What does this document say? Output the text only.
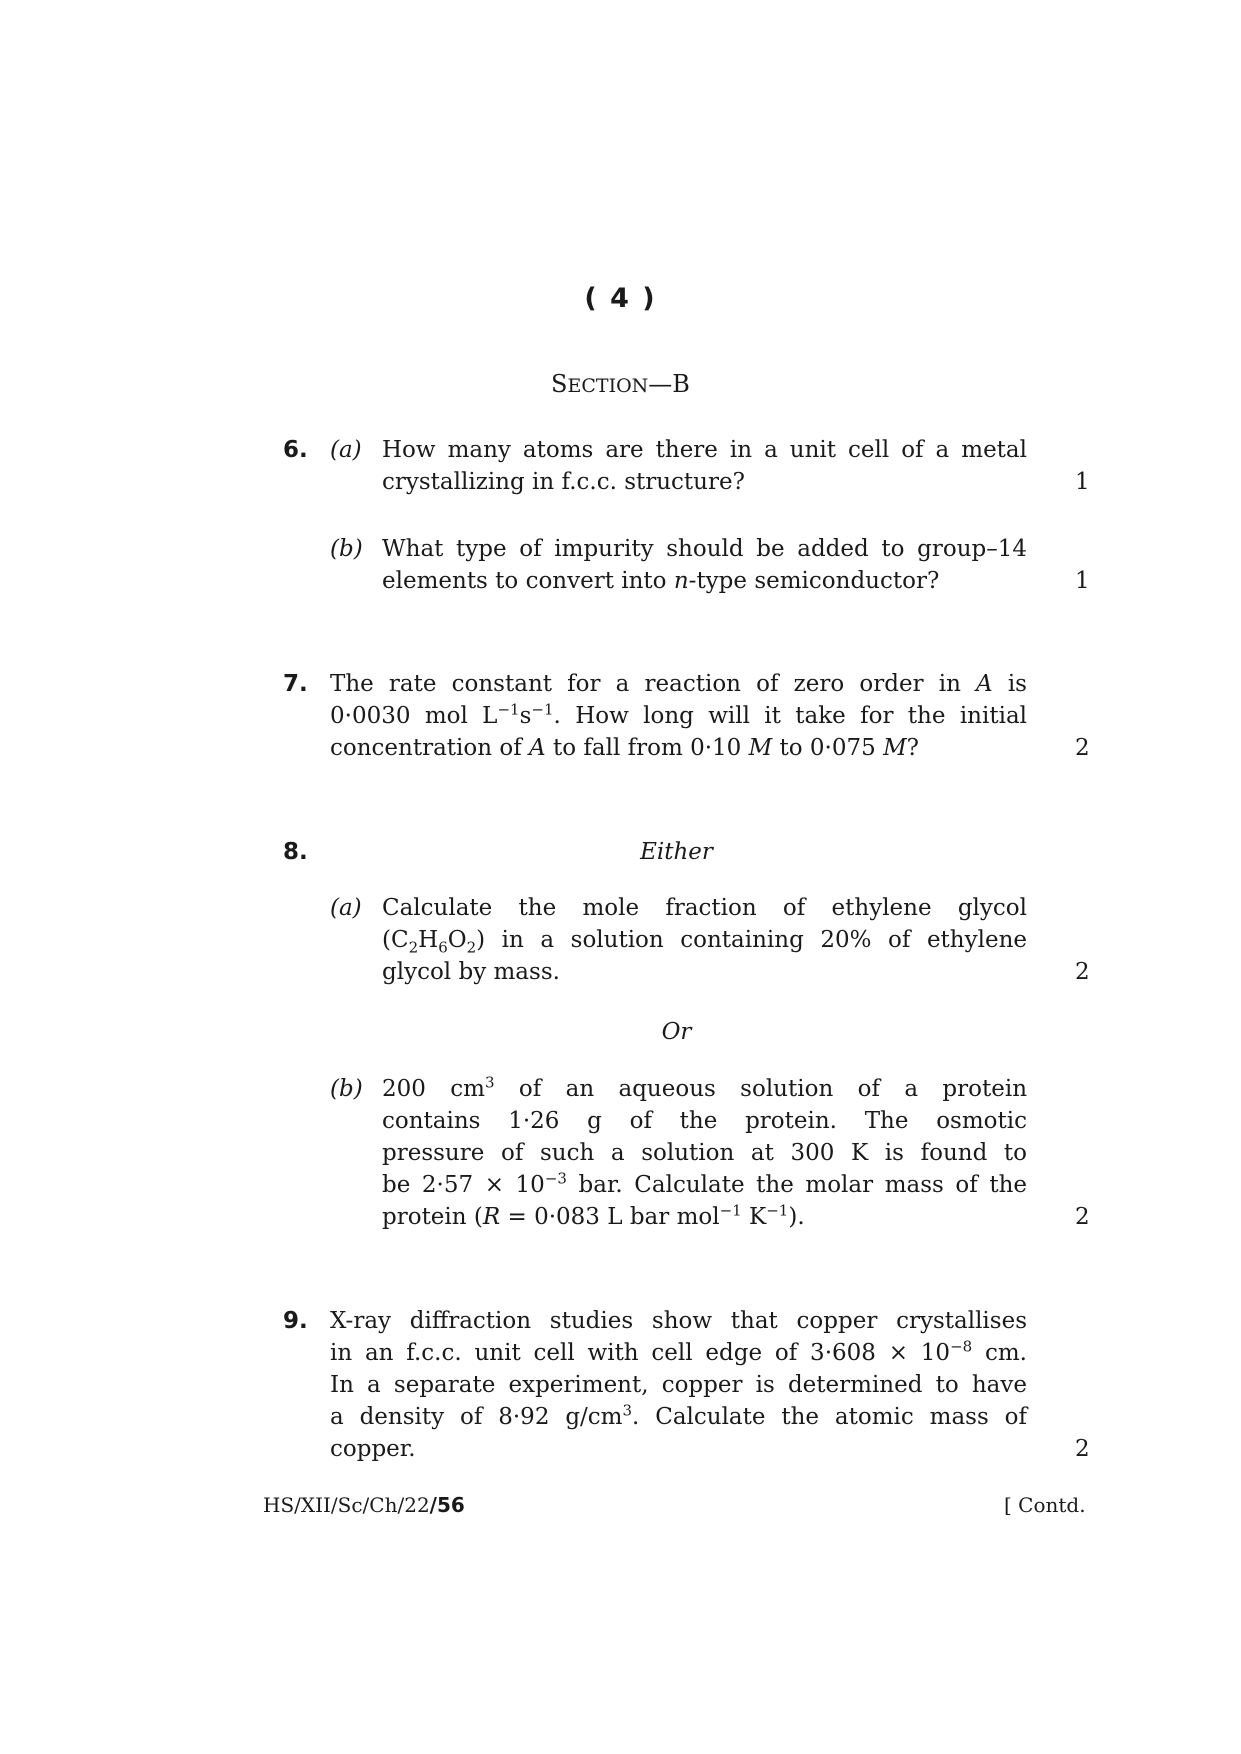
( 4 )
SECTION—B
6. (a) How many atoms are there in a unit cell of a metal
crystallizing in f.c.c. structure?	1
(b) What type of impurity should be added to group–14
elements to convert into n-type semiconductor?	1
7. The rate constant for a reaction of zero order in A is
0·0030 mol $L^{-1}s^{-1}$. How long will it take for the initial
concentration of A to fall from 0·10 M to 0·075 M?	2
8.	Either
(a) Calculate the mole fraction of ethylene glycol
$(C_2H_6O_2)$ in a solution containing 20% of ethylene
glycol by mass.	2
Or
(b) 200 $cm^3$ of an aqueous solution of a protein
contains 1·26 g of the protein. The osmotic
pressure of such a solution at 300 K is found to
be $2\cdot 57 \times 10^{-3}$ bar. Calculate the molar mass of the
protein (R = 0·083 L bar mol$^{-1}$ $K^{-1}$).	2
9. X-ray diffraction studies show that copper crystallises
in an f.c.c. unit cell with cell edge of $3\cdot 608 \times 10^{-8}$ cm.
In a separate experiment, copper is determined to have
a density of 8·92 $g/cm^3$. Calculate the atomic mass of
copper.	2
HS/XII/Sc/Ch/22/56	[ Contd.
